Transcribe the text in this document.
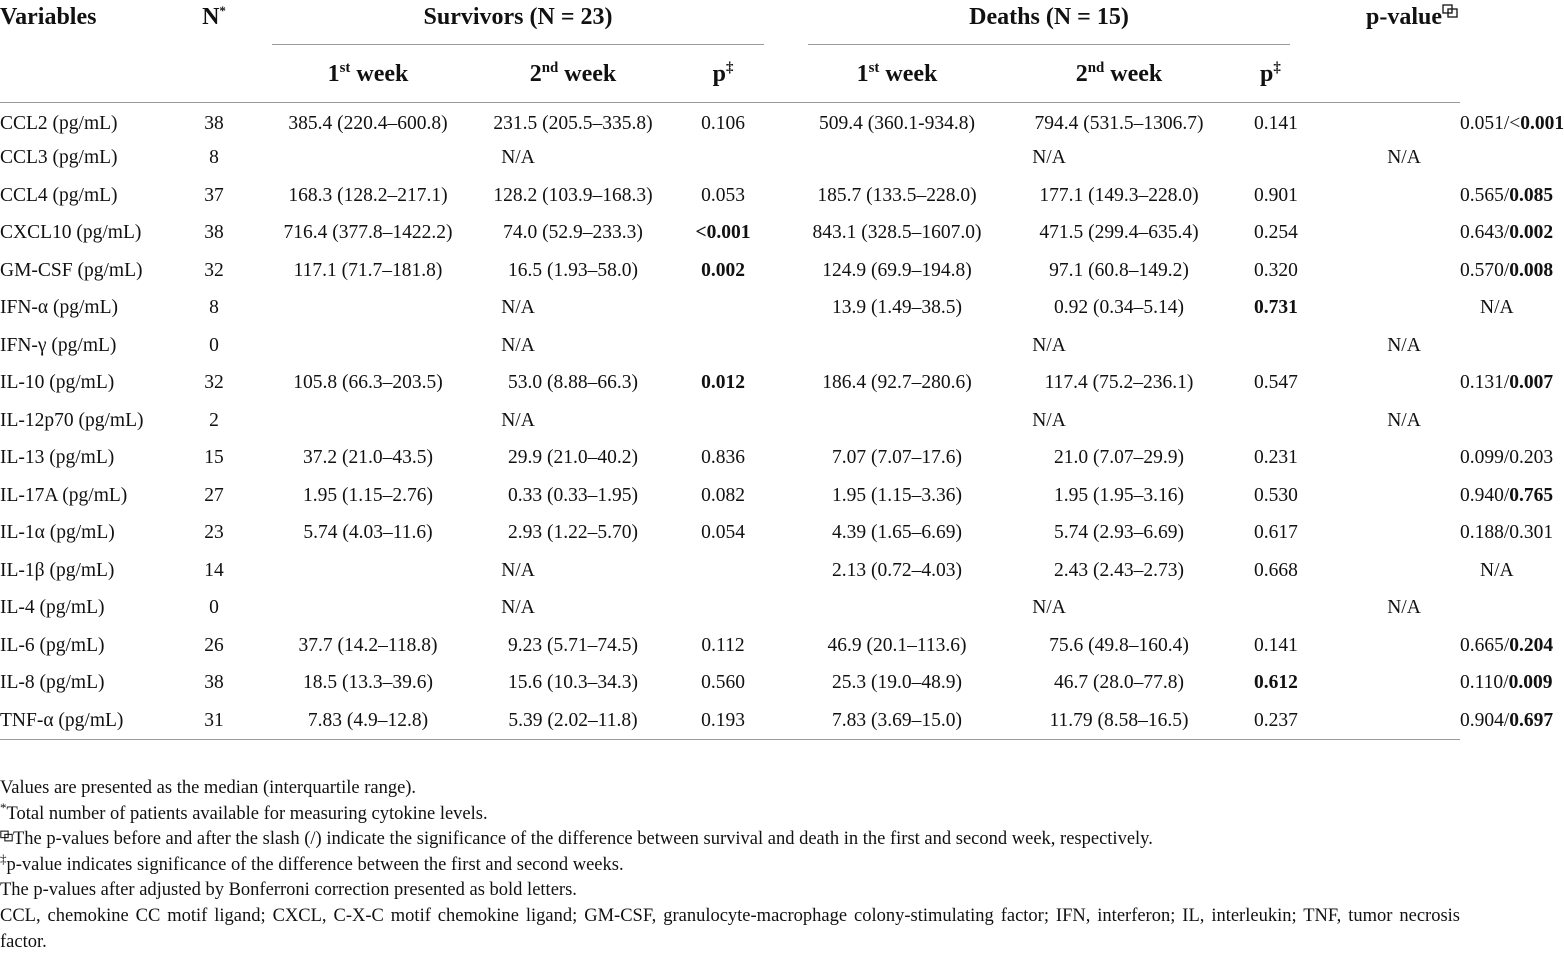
Variables	N*		Survivors (N = 23)				Deaths (N = 15)				p-value	
			1st week	2nd week	p‡		1st week	2nd week	p‡	
CCL2 (pg/mL)	38		385.4 (220.4–600.8)	231.5 (205.5–335.8)	0.106		509.4 (360.1-934.8)	794.4 (531.5–1306.7)	0.141			0.051/<0.001
CCL3 (pg/mL)	8		N/A				N/A				N/A	
CCL4 (pg/mL)	37		168.3 (128.2–217.1)	128.2 (103.9–168.3)	0.053		185.7 (133.5–228.0)	177.1 (149.3–228.0)	0.901			0.565/0.085
CXCL10 (pg/mL)	38		716.4 (377.8–1422.2)	74.0 (52.9–233.3)	<0.001		843.1 (328.5–1607.0)	471.5 (299.4–635.4)	0.254			0.643/0.002
GM-CSF (pg/mL)	32		117.1 (71.7–181.8)	16.5 (1.93–58.0)	0.002		124.9 (69.9–194.8)	97.1 (60.8–149.2)	0.320			0.570/0.008
IFN-α (pg/mL)	8		N/A				13.9 (1.49–38.5)	0.92 (0.34–5.14)	0.731			N/A
IFN-γ (pg/mL)	0		N/A				N/A				N/A	
IL-10 (pg/mL)	32		105.8 (66.3–203.5)	53.0 (8.88–66.3)	0.012		186.4 (92.7–280.6)	117.4 (75.2–236.1)	0.547			0.131/0.007
IL-12p70 (pg/mL)	2		N/A				N/A				N/A	
IL-13 (pg/mL)	15		37.2 (21.0–43.5)	29.9 (21.0–40.2)	0.836		7.07 (7.07–17.6)	21.0 (7.07–29.9)	0.231			0.099/0.203
IL-17A (pg/mL)	27		1.95 (1.15–2.76)	0.33 (0.33–1.95)	0.082		1.95 (1.15–3.36)	1.95 (1.95–3.16)	0.530			0.940/0.765
IL-1α (pg/mL)	23		5.74 (4.03–11.6)	2.93 (1.22–5.70)	0.054		4.39 (1.65–6.69)	5.74 (2.93–6.69)	0.617			0.188/0.301
IL-1β (pg/mL)	14		N/A				2.13 (0.72–4.03)	2.43 (2.43–2.73)	0.668			N/A
IL-4 (pg/mL)	0		N/A				N/A				N/A	
IL-6 (pg/mL)	26		37.7 (14.2–118.8)	9.23 (5.71–74.5)	0.112		46.9 (20.1–113.6)	75.6 (49.8–160.4)	0.141			0.665/0.204
IL-8 (pg/mL)	38		18.5 (13.3–39.6)	15.6 (10.3–34.3)	0.560		25.3 (19.0–48.9)	46.7 (28.0–77.8)	0.612			0.110/0.009
TNF-α (pg/mL)	31		7.83 (4.9–12.8)	5.39 (2.02–11.8)	0.193		7.83 (3.69–15.0)	11.79 (8.58–16.5)	0.237			0.904/0.697
Values are presented as the median (interquartile range).
*Total number of patients available for measuring cytokine levels.
The p-values before and after the slash (/) indicate the significance of the difference between survival and death in the first and second week, respectively.
‡p-value indicates significance of the difference between the first and second weeks.
The p-values after adjusted by Bonferroni correction presented as bold letters.
CCL, chemokine CC motif ligand; CXCL, C-X-C motif chemokine ligand; GM-CSF, granulocyte-macrophage colony-stimulating factor; IFN, interferon; IL, interleukin; TNF, tumor necrosis factor.
